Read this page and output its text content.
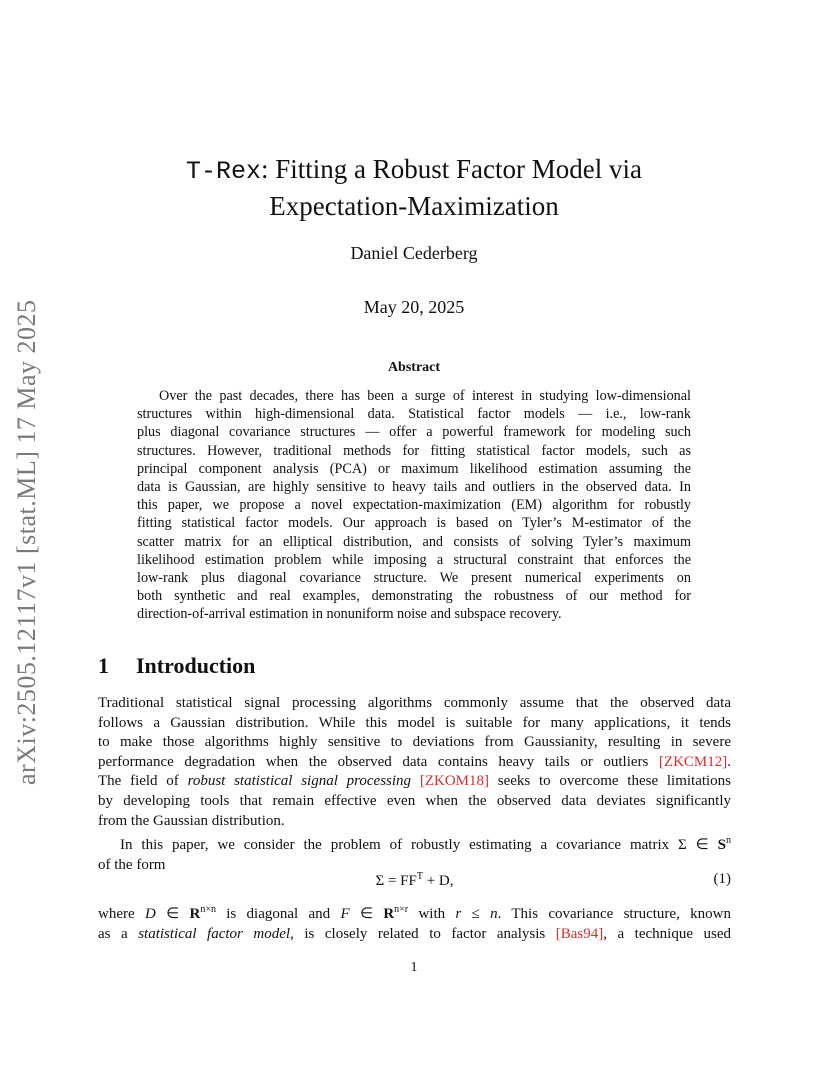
arXiv:2505.12117v1 [stat.ML] 17 May 2025
T-Rex: Fitting a Robust Factor Model via
Expectation-Maximization
Daniel Cederberg
May 20, 2025
Abstract
Over the past decades, there has been a surge of interest in studying low-dimensional
structures within high-dimensional data. Statistical factor models — i.e., low-rank
plus diagonal covariance structures — offer a powerful framework for modeling such
structures. However, traditional methods for fitting statistical factor models, such as
principal component analysis (PCA) or maximum likelihood estimation assuming the
data is Gaussian, are highly sensitive to heavy tails and outliers in the observed data. In
this paper, we propose a novel expectation-maximization (EM) algorithm for robustly
fitting statistical factor models. Our approach is based on Tyler’s M-estimator of the
scatter matrix for an elliptical distribution, and consists of solving Tyler’s maximum
likelihood estimation problem while imposing a structural constraint that enforces the
low-rank plus diagonal covariance structure. We present numerical experiments on
both synthetic and real examples, demonstrating the robustness of our method for
direction-of-arrival estimation in nonuniform noise and subspace recovery.
1 Introduction
Traditional statistical signal processing algorithms commonly assume that the observed data
follows a Gaussian distribution. While this model is suitable for many applications, it tends
to make those algorithms highly sensitive to deviations from Gaussianity, resulting in severe
performance degradation when the observed data contains heavy tails or outliers [ZKCM12].
The field of robust statistical signal processing [ZKOM18] seeks to overcome these limitations
by developing tools that remain effective even when the observed data deviates significantly
from the Gaussian distribution.
In this paper, we consider the problem of robustly estimating a covariance matrix Σ ∈ $S^n$
of the form
$\Sigma = FF^T + D$,	(1)
where D ∈ $R^{n\times n}$ is diagonal and F ∈ $R^{n\times r}$ with r ≤ n. This covariance structure, known
as a statistical factor model, is closely related to factor analysis [Bas94], a technique used
1
